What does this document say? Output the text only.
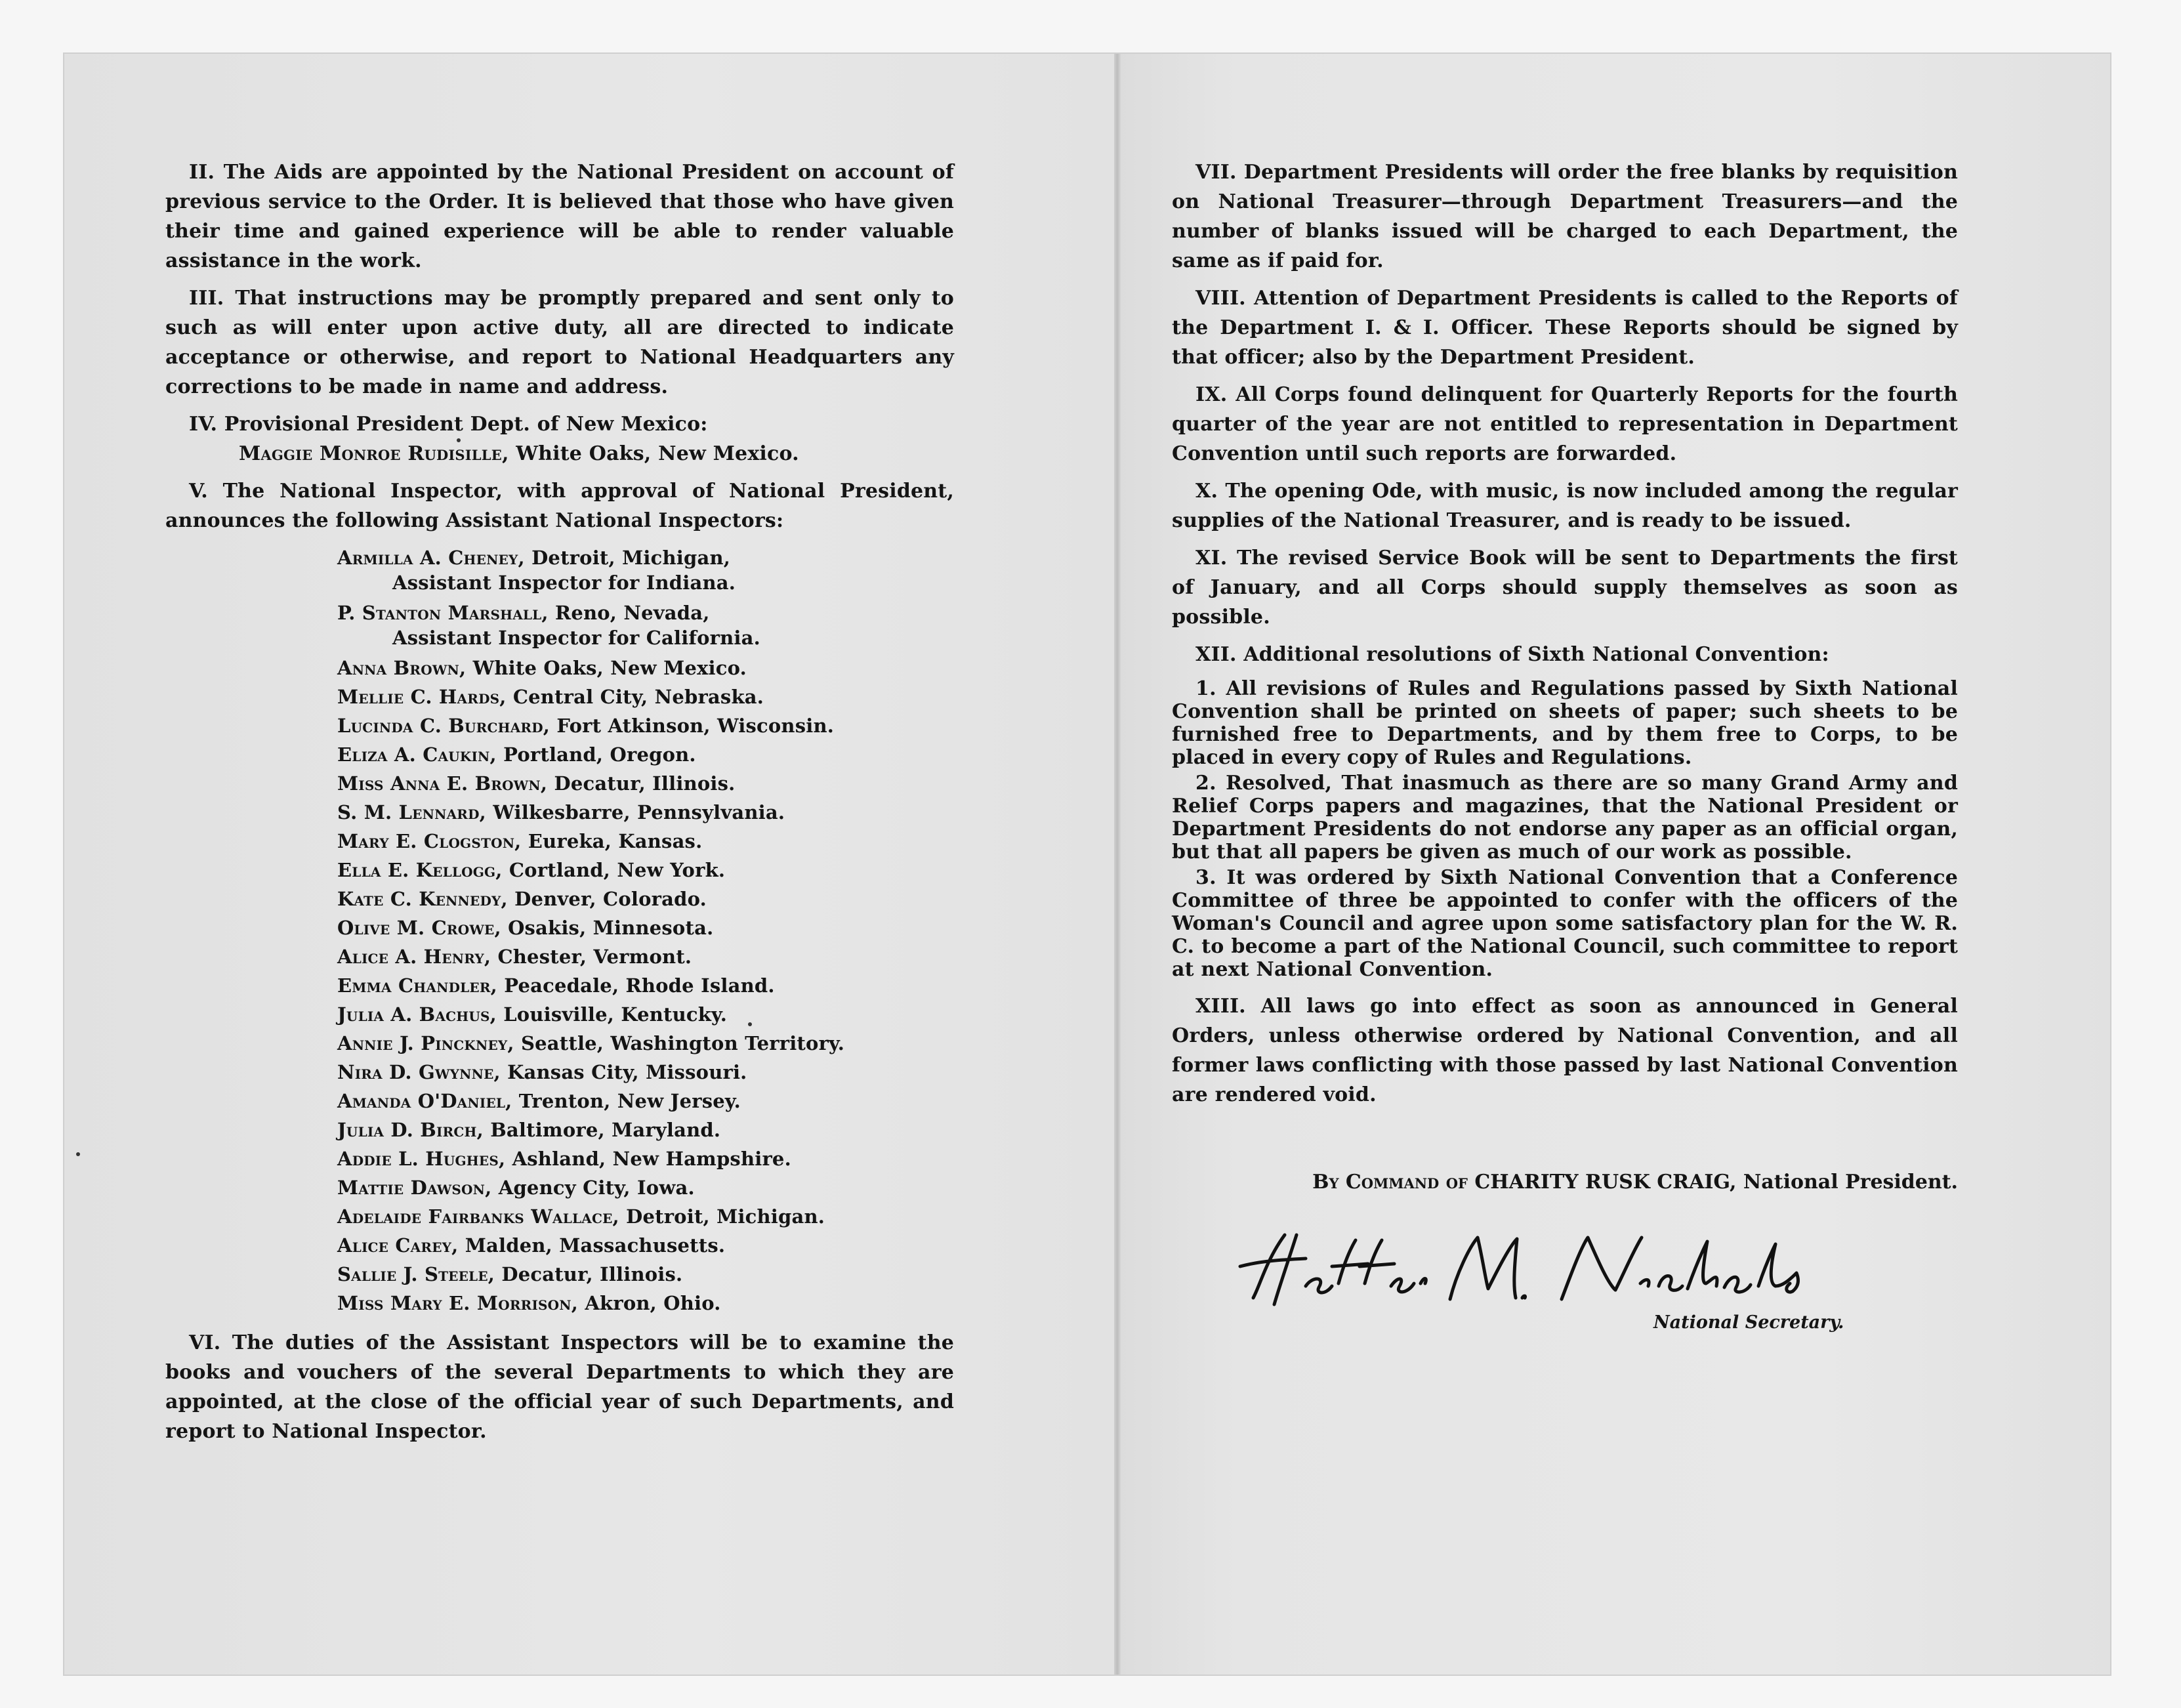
II. The Aids are appointed by the National President on account of previous service to the Order. It is believed that those who have given their time and gained experience will be able to render valuable assistance in the work.

III. That instructions may be promptly prepared and sent only to such as will enter upon active duty, all are directed to indicate acceptance or otherwise, and report to National Headquarters any corrections to be made in name and address.

IV. Provisional President Dept. of New Mexico:
Maggie Monroe Rudisille, White Oaks, New Mexico.

V. The National Inspector, with approval of National President, announces the following Assistant National Inspectors:

Armilla A. Cheney, Detroit, Michigan,
Assistant Inspector for Indiana.
P. Stanton Marshall, Reno, Nevada,
Assistant Inspector for California.
Anna Brown, White Oaks, New Mexico.
Mellie C. Hards, Central City, Nebraska.
Lucinda C. Burchard, Fort Atkinson, Wisconsin.
Eliza A. Caukin, Portland, Oregon.
Miss Anna E. Brown, Decatur, Illinois.
S. M. Lennard, Wilkesbarre, Pennsylvania.
Mary E. Clogston, Eureka, Kansas.
Ella E. Kellogg, Cortland, New York.
Kate C. Kennedy, Denver, Colorado.
Olive M. Crowe, Osakis, Minnesota.
Alice A. Henry, Chester, Vermont.
Emma Chandler, Peacedale, Rhode Island.
Julia A. Bachus, Louisville, Kentucky.
Annie J. Pinckney, Seattle, Washington Territory.
Nira D. Gwynne, Kansas City, Missouri.
Amanda O'Daniel, Trenton, New Jersey.
Julia D. Birch, Baltimore, Maryland.
Addie L. Hughes, Ashland, New Hampshire.
Mattie Dawson, Agency City, Iowa.
Adelaide Fairbanks Wallace, Detroit, Michigan.
Alice Carey, Malden, Massachusetts.
Sallie J. Steele, Decatur, Illinois.
Miss Mary E. Morrison, Akron, Ohio.

VI. The duties of the Assistant Inspectors will be to examine the books and vouchers of the several Departments to which they are appointed, at the close of the official year of such Departments, and report to National Inspector.

VII. Department Presidents will order the free blanks by requisition on National Treasurer—through Department Treasurers—and the number of blanks issued will be charged to each Department, the same as if paid for.

VIII. Attention of Department Presidents is called to the Reports of the Department I. & I. Officer. These Reports should be signed by that officer; also by the Department President.

IX. All Corps found delinquent for Quarterly Reports for the fourth quarter of the year are not entitled to representation in Department Convention until such reports are forwarded.

X. The opening Ode, with music, is now included among the regular supplies of the National Treasurer, and is ready to be issued.

XI. The revised Service Book will be sent to Departments the first of January, and all Corps should supply themselves as soon as possible.

XII. Additional resolutions of Sixth National Convention:

1. All revisions of Rules and Regulations passed by Sixth National Convention shall be printed on sheets of paper; such sheets to be furnished free to Departments, and by them free to Corps, to be placed in every copy of Rules and Regulations.

2. Resolved, That inasmuch as there are so many Grand Army and Relief Corps papers and magazines, that the National President or Department Presidents do not endorse any paper as an official organ, but that all papers be given as much of our work as possible.

3. It was ordered by Sixth National Convention that a Conference Committee of three be appointed to confer with the officers of the Woman's Council and agree upon some satisfactory plan for the W. R. C. to become a part of the National Council, such committee to report at next National Convention.

XIII. All laws go into effect as soon as announced in General Orders, unless otherwise ordered by National Convention, and all former laws conflicting with those passed by last National Convention are rendered void.

By Command of CHARITY RUSK CRAIG, National President.
National Secretary.
